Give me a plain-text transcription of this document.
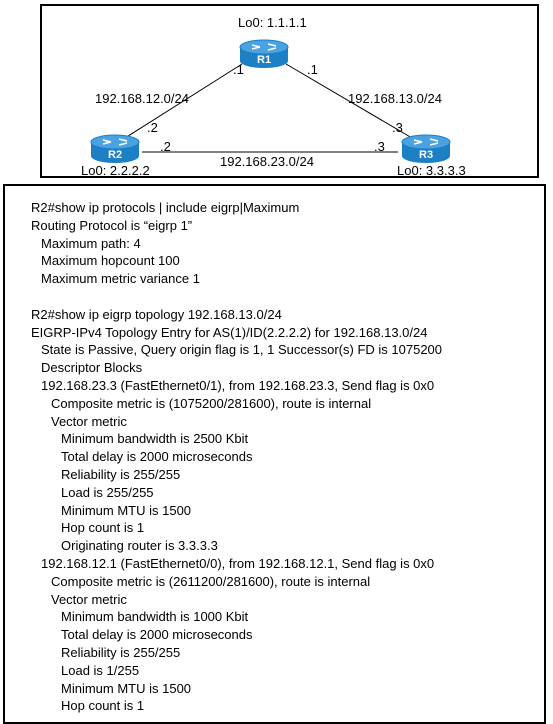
R1
R2	R3
Lo0: 1.1.1.1
Lo0: 2.2.2.2	Lo0: 3.3.3.3
192.168.12.0/24	192.168.13.0/24
192.168.23.0/24
.1
.2
.1
.3
.2	.3
R2#show ip protocols | include eigrp|Maximum
Routing Protocol is “eigrp 1”
Maximum path: 4
Maximum hopcount 100
Maximum metric variance 1
R2#show ip eigrp topology 192.168.13.0/24
EIGRP-IPv4 Topology Entry for AS(1)/ID(2.2.2.2) for 192.168.13.0/24
State is Passive, Query origin flag is 1, 1 Successor(s) FD is 1075200
Descriptor Blocks
192.168.23.3 (FastEthernet0/1), from 192.168.23.3, Send flag is 0x0
Composite metric is (1075200/281600), route is internal
Vector metric
Minimum bandwidth is 2500 Kbit
Total delay is 2000 microseconds
Reliability is 255/255
Load is 255/255
Minimum MTU is 1500
Hop count is 1
Originating router is 3.3.3.3
192.168.12.1 (FastEthernet0/0), from 192.168.12.1, Send flag is 0x0
Composite metric is (2611200/281600), route is internal
Vector metric
Minimum bandwidth is 1000 Kbit
Total delay is 2000 microseconds
Reliability is 255/255
Load is 1/255
Minimum MTU is 1500
Hop count is 1
